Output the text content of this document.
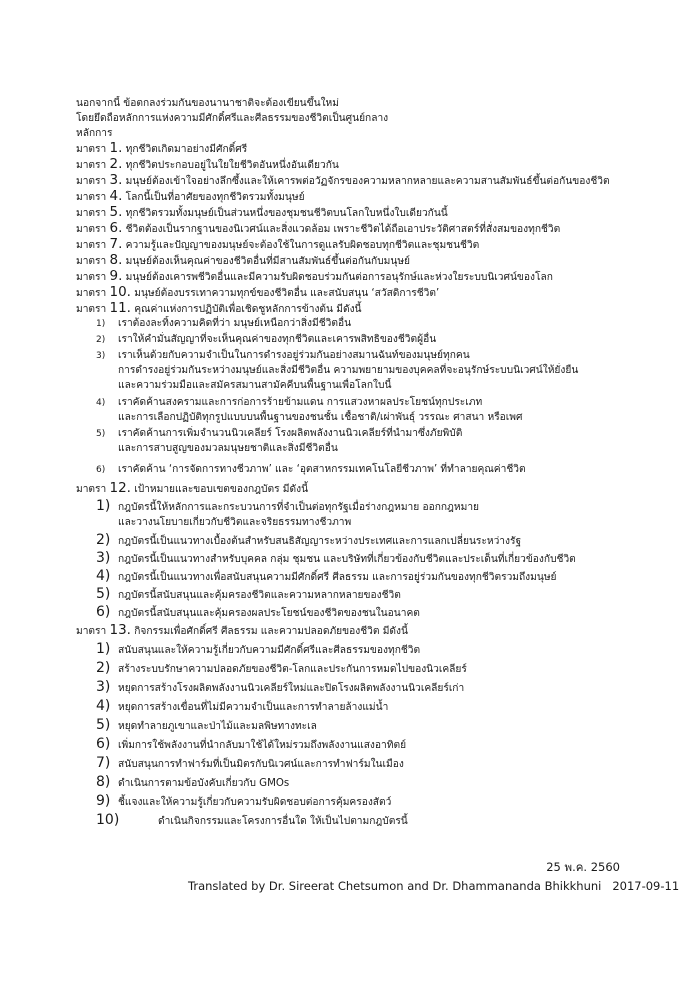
นอกจากนี้ ข้อตกลงร่วมกันของนานาชาติจะต้องเขียนขึ้นใหม่
โดยยึดถือหลักการแห่งความมีศักดิ์ศรีและศีลธรรมของชีวิตเป็นศูนย์กลาง
หลักการ
มาตรา 1. ทุกชีวิตเกิดมาอย่างมีศักดิ์ศรี
มาตรา 2. ทุกชีวิตประกอบอยู่ในใยใยชีวิตอันหนึ่งอันเดียวกัน
มาตรา 3. มนุษย์ต้องเข้าใจอย่างลึกซึ้งและให้เคารพต่อวัฏจักรของความหลากหลายและความสานสัมพันธ์ขึ้นต่อกันของชีวิต
มาตรา 4. โลกนี้เป็นที่อาศัยของทุกชีวิตรวมทั้งมนุษย์
มาตรา 5. ทุกชีวิตรวมทั้งมนุษย์เป็นส่วนหนึ่งของชุมชนชีวิตบนโลกใบหนึ่งใบเดียวกันนี้
มาตรา 6. ชีวิตต้องเป็นรากฐานของนิเวศน์และสิ่งแวดล้อม เพราะชีวิตได้ถือเอาประวัติศาสตร์ที่สั่งสมของทุกชีวิต
มาตรา 7. ความรู้และปัญญาของมนุษย์จะต้องใช้ในการดูแลรับผิดชอบทุกชีวิตและชุมชนชีวิต
มาตรา 8. มนุษย์ต้องเห็นคุณค่าของชีวิตอื่นที่มีสานสัมพันธ์ขึ้นต่อกันกับมนุษย์
มาตรา 9. มนุษย์ต้องเคารพชีวิตอื่นและมีความรับผิดชอบร่วมกันต่อการอนุรักษ์และห่วงใยระบบนิเวศน์ของโลก
มาตรา 10. มนุษย์ต้องบรรเทาความทุกข์ของชีวิตอื่น และสนับสนุน ‘สวัสดิการชีวิต’
มาตรา 11. คุณค่าแห่งการปฏิบัติเพื่อเชิดชูหลักการข้างต้น มีดังนี้
1) เราต้องละทิ้งความคิดที่ว่า มนุษย์เหนือกว่าสิ่งมีชีวิตอื่น
2) เราให้คำมั่นสัญญาที่จะเห็นคุณค่าของทุกชีวิตและเคารพสิทธิของชีวิตผู้อื่น
3) เราเห็นด้วยกับความจำเป็นในการดำรงอยู่ร่วมกันอย่างสมานฉันท์ของมนุษย์ทุกคน
การดำรงอยู่ร่วมกันระหว่างมนุษย์และสิ่งมีชีวิตอื่น ความพยายามของบุคคลที่จะอนุรักษ์ระบบนิเวศน์ให้ยั่งยืน
และความร่วมมือและสมัครสมานสามัคคีบนพื้นฐานเพื่อโลกใบนี้
4) เราคัดค้านสงครามและการก่อการร้ายข้ามแดน การแสวงหาผลประโยชน์ทุกประเภท
และการเลือกปฏิบัติทุกรูปแบบบนพื้นฐานของชนชั้น เชื้อชาติ/เผ่าพันธุ์ วรรณะ ศาสนา หรือเพศ
5) เราคัดค้านการเพิ่มจำนวนนิวเคลียร์ โรงผลิตพลังงานนิวเคลียร์ที่นำมาซึ่งภัยพิบัติ
และการสาบสูญของมวลมนุษยชาติและสิ่งมีชีวิตอื่น
6) เราคัดค้าน ‘การจัดการทางชีวภาพ’ และ ‘อุตสาหกรรมเทคโนโลยีชีวภาพ’ ที่ทำลายคุณค่าชีวิต
มาตรา 12. เป้าหมายและขอบเขตของกฎบัตร มีดังนี้
1) กฎบัตรนี้ให้หลักการและกระบวนการที่จำเป็นต่อทุกรัฐเมื่อร่างกฎหมาย ออกกฎหมาย
และวางนโยบายเกี่ยวกับชีวิตและจริยธรรมทางชีวภาพ
2) กฎบัตรนี้เป็นแนวทางเบื้องต้นสำหรับสนธิสัญญาระหว่างประเทศและการแลกเปลี่ยนระหว่างรัฐ
3) กฎบัตรนี้เป็นแนวทางสำหรับบุคคล กลุ่ม ชุมชน และบริษัทที่เกี่ยวข้องกับชีวิตและประเด็นที่เกี่ยวข้องกับชีวิต
4) กฎบัตรนี้เป็นแนวทางเพื่อสนับสนุนความมีศักดิ์ศรี ศีลธรรม และการอยู่ร่วมกันของทุกชีวิตรวมถึงมนุษย์
5) กฎบัตรนี้สนับสนุนและคุ้มครองชีวิตและความหลากหลายของชีวิต
6) กฎบัตรนี้สนับสนุนและคุ้มครองผลประโยชน์ของชีวิตของชนในอนาคต
มาตรา 13. กิจกรรมเพื่อศักดิ์ศรี ศีลธรรม และความปลอดภัยของชีวิต มีดังนี้
1) สนับสนุนและให้ความรู้เกี่ยวกับความมีศักดิ์ศรีและศีลธรรมของทุกชีวิต
2) สร้างระบบรักษาความปลอดภัยของชีวิต-โลกและประกันการหมดไปของนิวเคลียร์
3) หยุดการสร้างโรงผลิตพลังงานนิวเคลียร์ใหม่และปิดโรงผลิตพลังงานนิวเคลียร์เก่า
4) หยุดการสร้างเขื่อนที่ไม่มีความจำเป็นและการทำลายล้างแม่น้ำ
5) หยุดทำลายภูเขาและป่าไม้และมลพิษทางทะเล
6) เพิ่มการใช้พลังงานที่นำกลับมาใช้ได้ใหม่รวมถึงพลังงานแสงอาทิตย์
7) สนับสนุนการทำฟาร์มที่เป็นมิตรกับนิเวศน์และการทำฟาร์มในเมือง
8) ดำเนินการตามข้อบังคับเกี่ยวกับ GMOs
9) ชี้แจงและให้ความรู้เกี่ยวกับความรับผิดชอบต่อการคุ้มครองสัตว์
10)	ดำเนินกิจกรรมและโครงการอื่นใด ให้เป็นไปตามกฎบัตรนี้
25 พ.ค. 2560
Translated by Dr. Sireerat Chetsumon and Dr. Dhammananda Bhikkhuni 2017-09-11
